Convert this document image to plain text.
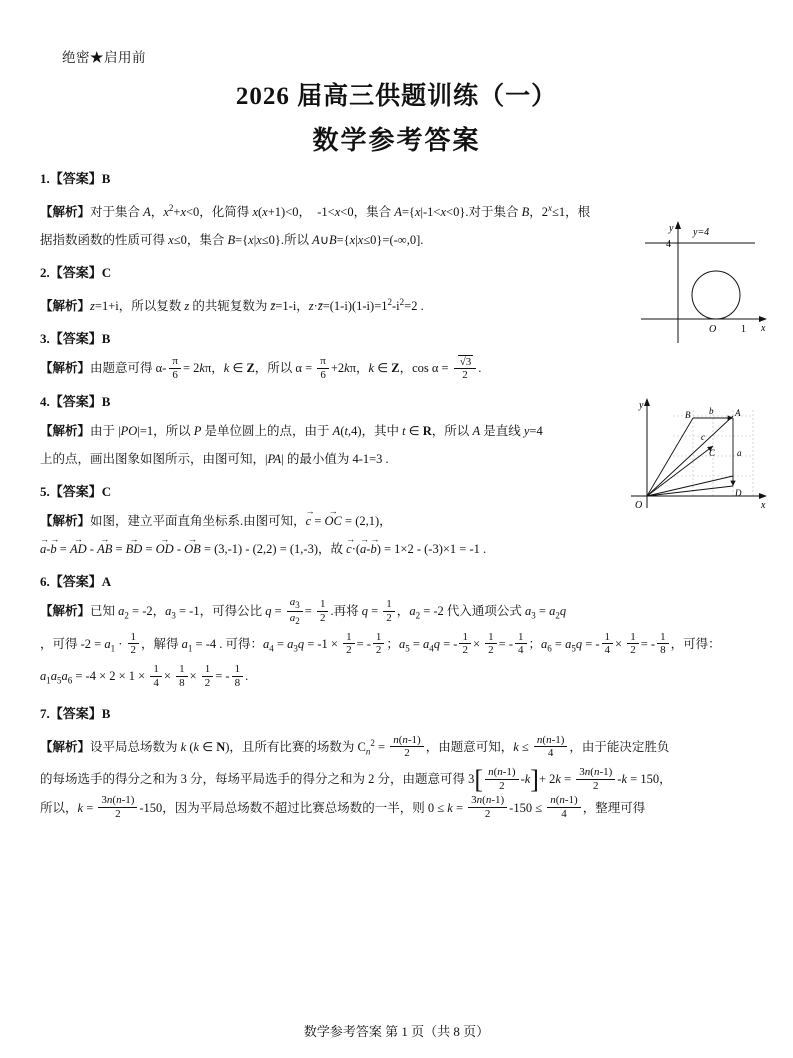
绝密★启用前
2026 届高三供题训练（一）
数学参考答案
1.【答案】B

【解析】对于集合 A，$x^2+x<0$，化简得 x(x+1)<0，  -1<x<0，集合 A={x|-1<x<0}.对于集合 B，$2^x\le 1$，根

据指数函数的性质可得 x≤0，集合 B={x|x≤0}.所以 A∪B={x|x≤0}=(-∞,0].

2.【答案】C

【解析】z=1+i，所以复数 z 的共轭复数为 z̄=1-i，$z\cdot z̄=(1-i)(1-i)=1^2-i^2=2$ .

3.【答案】B

【解析】由题意可得 $\alpha- \frac{\pi}{6} = 2k\pi$，k ∈ Z，所以 $\alpha = \frac{\pi}{6} +2k\pi$，k ∈ Z，$\cos \alpha = \frac{√3}{2}$ .

4.【答案】B

【解析】由于 |PO|=1，所以 P 是单位圆上的点，由于 A(t,4)，其中 t ∈ R，所以 A 是直线 y=4

上的点，画出图象如图所示，由图可知，|PA| 的最小值为 4-1=3 .

5.【答案】C

【解析】如图，建立平面直角坐标系.由图可知，c → = OC → = (2,1)，

a →-b → = AD → - AB → = BD → = OD → - OB → = (3,-1) - (2,2) = (1,-3)，故 c →·(a →-b →) = 1×2 - (-3)×1 = -1 .

6.【答案】A

【解析】已知 $a_2 = -2$，$a_3 = -1$，可得公比 $q = \frac{a_3}{a_2} = \frac{1}{2}$ .再将 $q = \frac{1}{2}$ ，$a_2 = -2$ 代入通项公式 $a_3 = a_2q$

，可得 $-2 = a_1 \cdot \frac{1}{2}$ ，解得 $a_1 = -4$ . 可得：$a_4 = a_3q = -1 \times \frac{1}{2}$ = - $\frac{1}{2}$ ；$a_5 = a_4q$ = - $\frac{1}{2} \times \frac{1}{2}$ = - $\frac{1}{4}$ ；$a_6 = a_5q$ = - $\frac{1}{4} \times \frac{1}{2}$ = - $\frac{1}{8}$ ，可得：

$a_1a_5a_6 = -4 \times 2 \times 1 \times \frac{1}{4} \times \frac{1}{8} \times \frac{1}{2}$ = - $\frac{1}{8}$ .

7.【答案】B

【解析】设平局总场数为 k (k ∈ N)，且所有比赛的场数为 $C_n^2 = \frac{n(n-1)}{2}$ ，由题意可知，$k \le \frac{n(n-1)}{4}$ ，由于能决定胜负

的每场选手的得分之和为 3 分，每场平局选手的得分之和为 2 分，由题意可得 $3[ \frac{n(n-1)}{2} -k]+ 2k = \frac{3n(n-1)}{2} -k = 150$，

所以，$k = \frac{3n(n-1)}{2} -150$，因为平局总场数不超过比赛总场数的一半，则 $0 \le k = \frac{3n(n-1)}{2} -150 \le \frac{n(n-1)}{4}$ ，整理可得

4
y
x
y=4
O 1
y
x
O
B	A
C
D
b
c
a
数学参考答案 第 1 页（共 8 页）
